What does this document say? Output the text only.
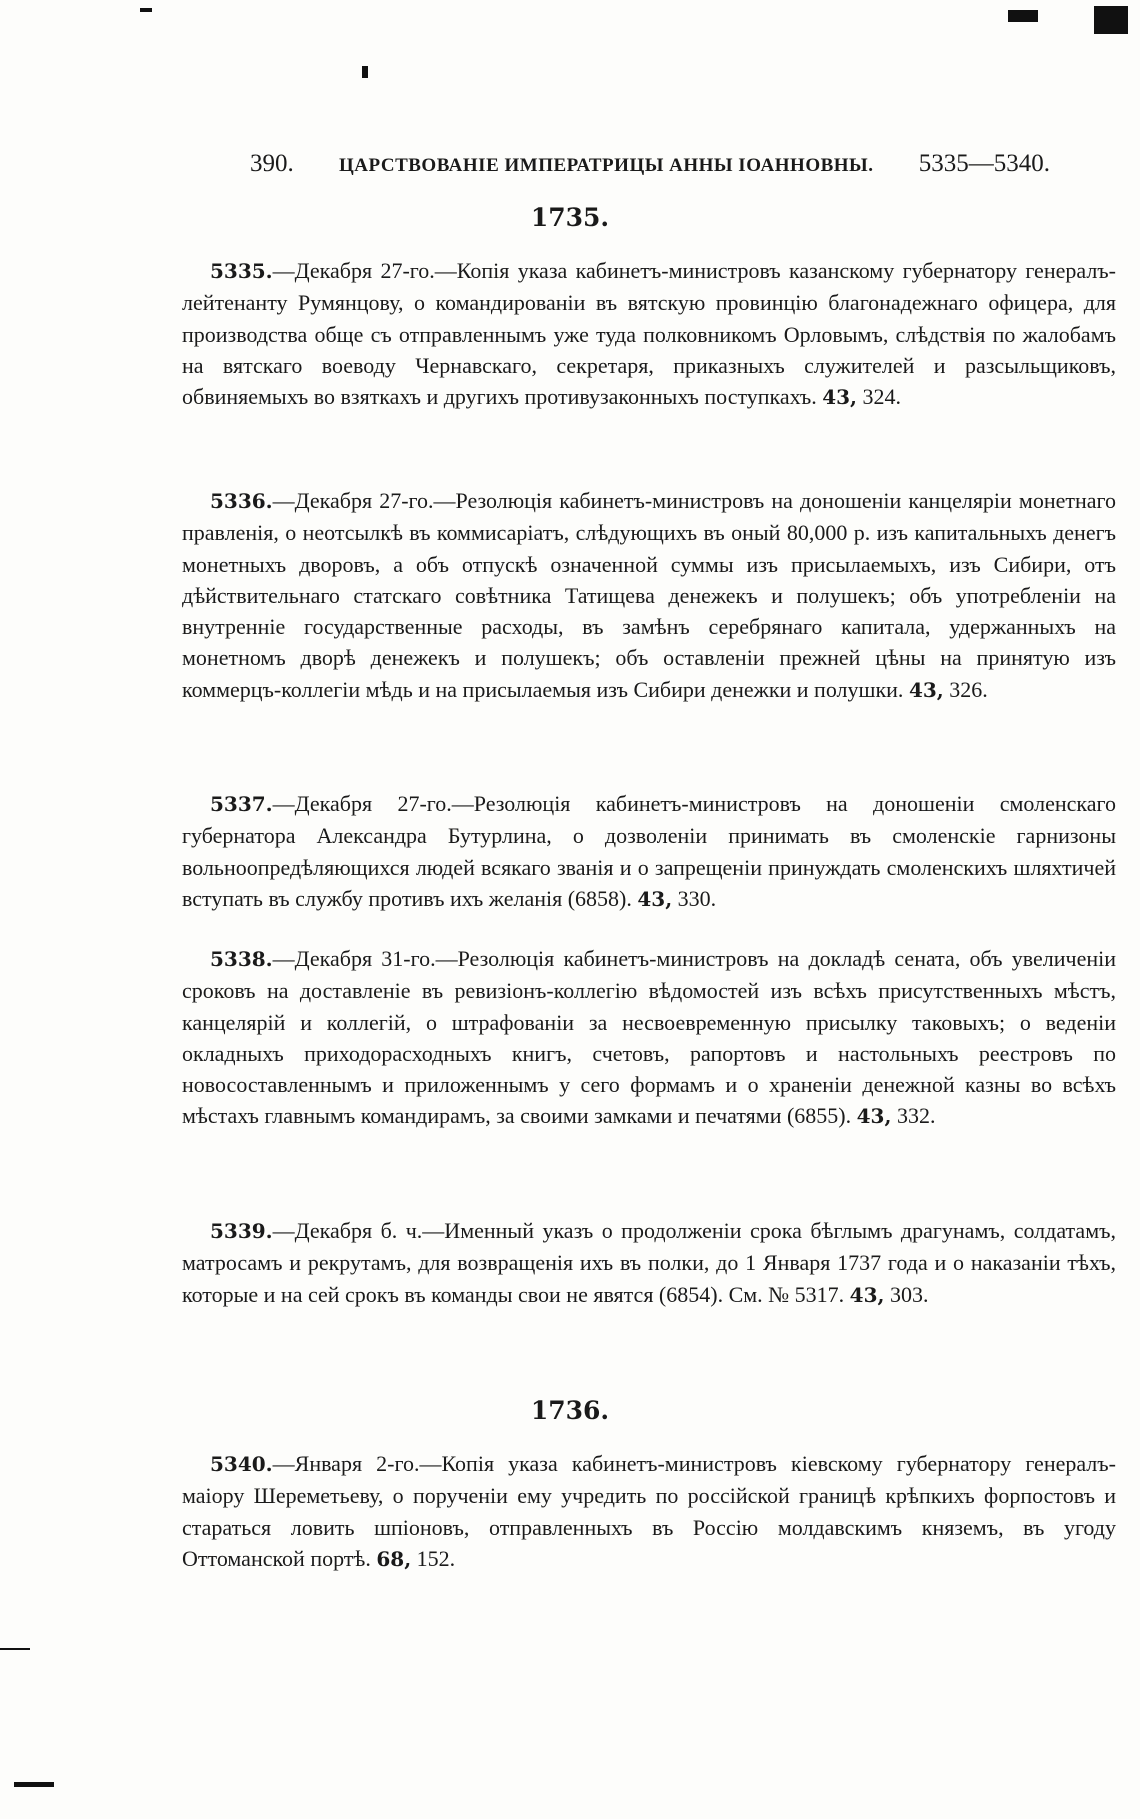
390. ЦАРСТВОВАНІЕ ИМПЕРАТРИЦЫ АННЫ ІОАННОВНЫ. 5335—5340.
1735.

5335.—Декабря 27-го.—Копія указа кабинетъ-министровъ казанскому губернатору генералъ-лейтенанту Румянцову, о командированіи въ вятскую провинцію благонадежнаго офицера, для производства обще съ отправленнымъ уже туда полковникомъ Орловымъ, слѣдствія по жалобамъ на вятскаго воеводу Чернавскаго, секретаря, приказныхъ служителей и разсыльщиковъ, обвиняемыхъ во взяткахъ и другихъ противузаконныхъ поступкахъ. 43, 324.

5336.—Декабря 27-го.—Резолюція кабинетъ-министровъ на доношеніи канцеляріи монетнаго правленія, о неотсылкѣ въ коммисаріатъ, слѣдующихъ въ оный 80,000 р. изъ капитальныхъ денегъ монетныхъ дворовъ, а объ отпускѣ означенной суммы изъ присылаемыхъ, изъ Сибири, отъ дѣйствительнаго статскаго совѣтника Татищева денежекъ и полушекъ; объ употребленіи на внутренніе государственные расходы, въ замѣнъ серебрянаго капитала, удержанныхъ на монетномъ дворѣ денежекъ и полушекъ; объ оставленіи прежней цѣны на принятую изъ коммерцъ-коллегіи мѣдь и на присылаемыя изъ Сибири денежки и полушки. 43, 326.

5337.—Декабря 27-го.—Резолюція кабинетъ-министровъ на доношеніи смоленскаго губернатора Александра Бутурлина, о дозволеніи принимать въ смоленскіе гарнизоны вольноопредѣляющихся людей всякаго званія и о запрещеніи принуждать смоленскихъ шляхтичей вступать въ службу противъ ихъ желанія (6858). 43, 330.

5338.—Декабря 31-го.—Резолюція кабинетъ-министровъ на докладѣ сената, объ увеличеніи сроковъ на доставленіе въ ревизіонъ-коллегію вѣдомостей изъ всѣхъ присутственныхъ мѣстъ, канцелярій и коллегій, о штрафованіи за несвоевременную присылку таковыхъ; о веденіи окладныхъ приходорасходныхъ книгъ, счетовъ, рапортовъ и настольныхъ реестровъ по новосоставленнымъ и приложеннымъ у сего формамъ и о храненіи денежной казны во всѣхъ мѣстахъ главнымъ командирамъ, за своими замками и печатями (6855). 43, 332.

5339.—Декабря б. ч.—Именный указъ о продолженіи срока бѣглымъ драгунамъ, солдатамъ, матросамъ и рекрутамъ, для возвращенія ихъ въ полки, до 1 Января 1737 года и о наказаніи тѣхъ, которые и на сей срокъ въ команды свои не явятся (6854). См. № 5317. 43, 303.

1736.

5340.—Января 2-го.—Копія указа кабинетъ-министровъ кіевскому губернатору генералъ-маіору Шереметьеву, о порученіи ему учредить по россійской границѣ крѣпкихъ форпостовъ и стараться ловить шпіоновъ, отправленныхъ въ Россію молдавскимъ княземъ, въ угоду Оттоманской портѣ. 68, 152.
